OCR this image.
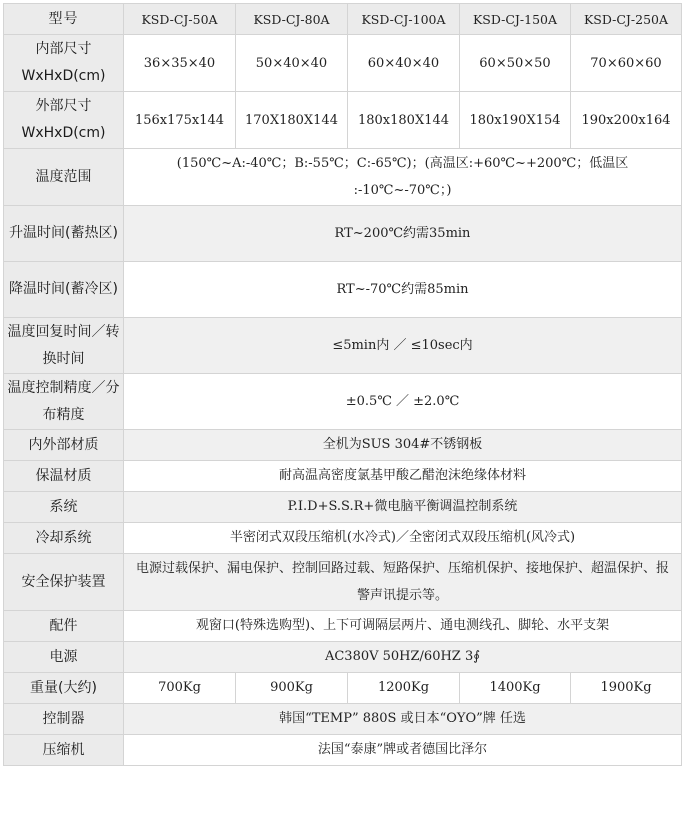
型号	KSD-CJ-50A	KSD-CJ-80A	KSD-CJ-100A	KSD-CJ-150A	KSD-CJ-250A
内部尺寸WxHxD(cm)	36×35×40	50×40×40	60×40×40	60×50×50	70×60×60
外部尺寸WxHxD(cm)	156x175x144	170X180X144	180x180X144	180x190X154	190x200x164
温度范围	(150℃~A:-40℃；B:-55℃；C:-65℃)；(高温区:+60℃~+200℃；低温区 :-10℃~-70℃；)				
升温时间(蓄热区)	RT~200℃约需35min				
降温时间(蓄冷区)	RT~-70℃约需85min				
温度回复时间／转换时间	≤5min内 ／ ≤10sec内				
温度控制精度／分布精度	±0.5℃ ／ ±2.0℃				
内外部材质	全机为SUS 304#不锈钢板				
保温材质	耐高温高密度氯基甲酸乙醋泡沫绝缘体材料				
系统	P.I.D+S.S.R+微电脑平衡调温控制系统				
冷却系统	半密闭式双段压缩机(水冷式)／全密闭式双段压缩机(风冷式)				
安全保护装置	电源过载保护、漏电保护、控制回路过载、短路保护、压缩机保护、接地保护、超温保护、报警声讯提示等。				
配件	观窗口(特殊选购型)、上下可调隔层两片、通电测线孔、脚轮、水平支架				
电源	AC380V 50HZ/60HZ 3∮				
重量(大约)	700Kg	900Kg	1200Kg	1400Kg	1900Kg
控制器	韩国“TEMP” 880S 或日本“OYO”牌 任选				
压缩机	法国“泰康”牌或者德国比泽尔				
